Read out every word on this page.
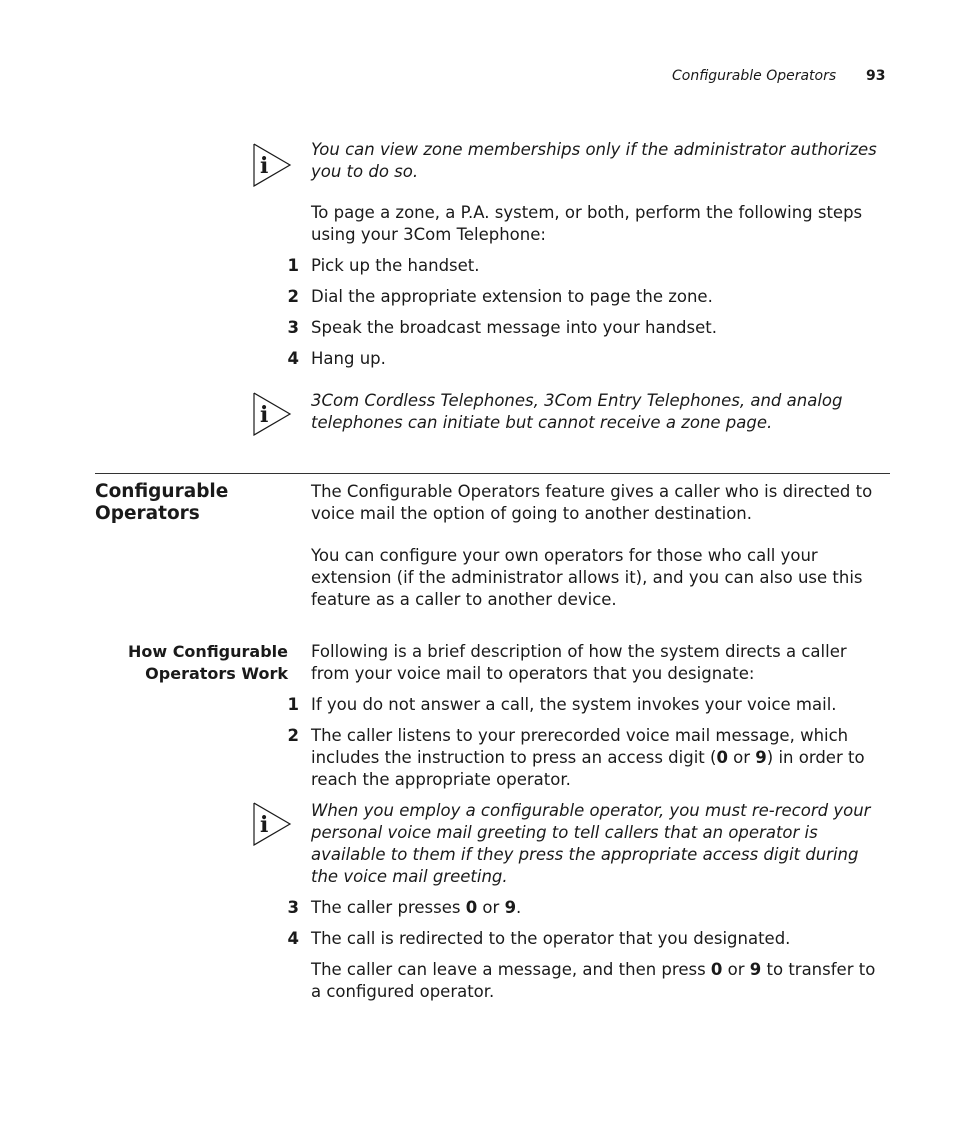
Configurable Operators 93
i
You can view zone memberships only if the administrator authorizes you to do so.
To page a zone, a P.A. system, or both, perform the following steps using your 3Com Telephone:
1 Pick up the handset.
2 Dial the appropriate extension to page the zone.
3 Speak the broadcast message into your handset.
4 Hang up.
i
3Com Cordless Telephones, 3Com Entry Telephones, and analog telephones can initiate but cannot receive a zone page.
Configurable Operators
The Configurable Operators feature gives a caller who is directed to voice mail the option of going to another destination.
You can configure your own operators for those who call your extension (if the administrator allows it), and you can also use this feature as a caller to another device.
How Configurable Operators Work
Following is a brief description of how the system directs a caller from your voice mail to operators that you designate:
1 If you do not answer a call, the system invokes your voice mail.
2 The caller listens to your prerecorded voice mail message, which includes the instruction to press an access digit (0 or 9) in order to reach the appropriate operator.
i
When you employ a configurable operator, you must re-record your personal voice mail greeting to tell callers that an operator is available to them if they press the appropriate access digit during the voice mail greeting.
3 The caller presses 0 or 9.
4 The call is redirected to the operator that you designated.
The caller can leave a message, and then press 0 or 9 to transfer to a configured operator.
